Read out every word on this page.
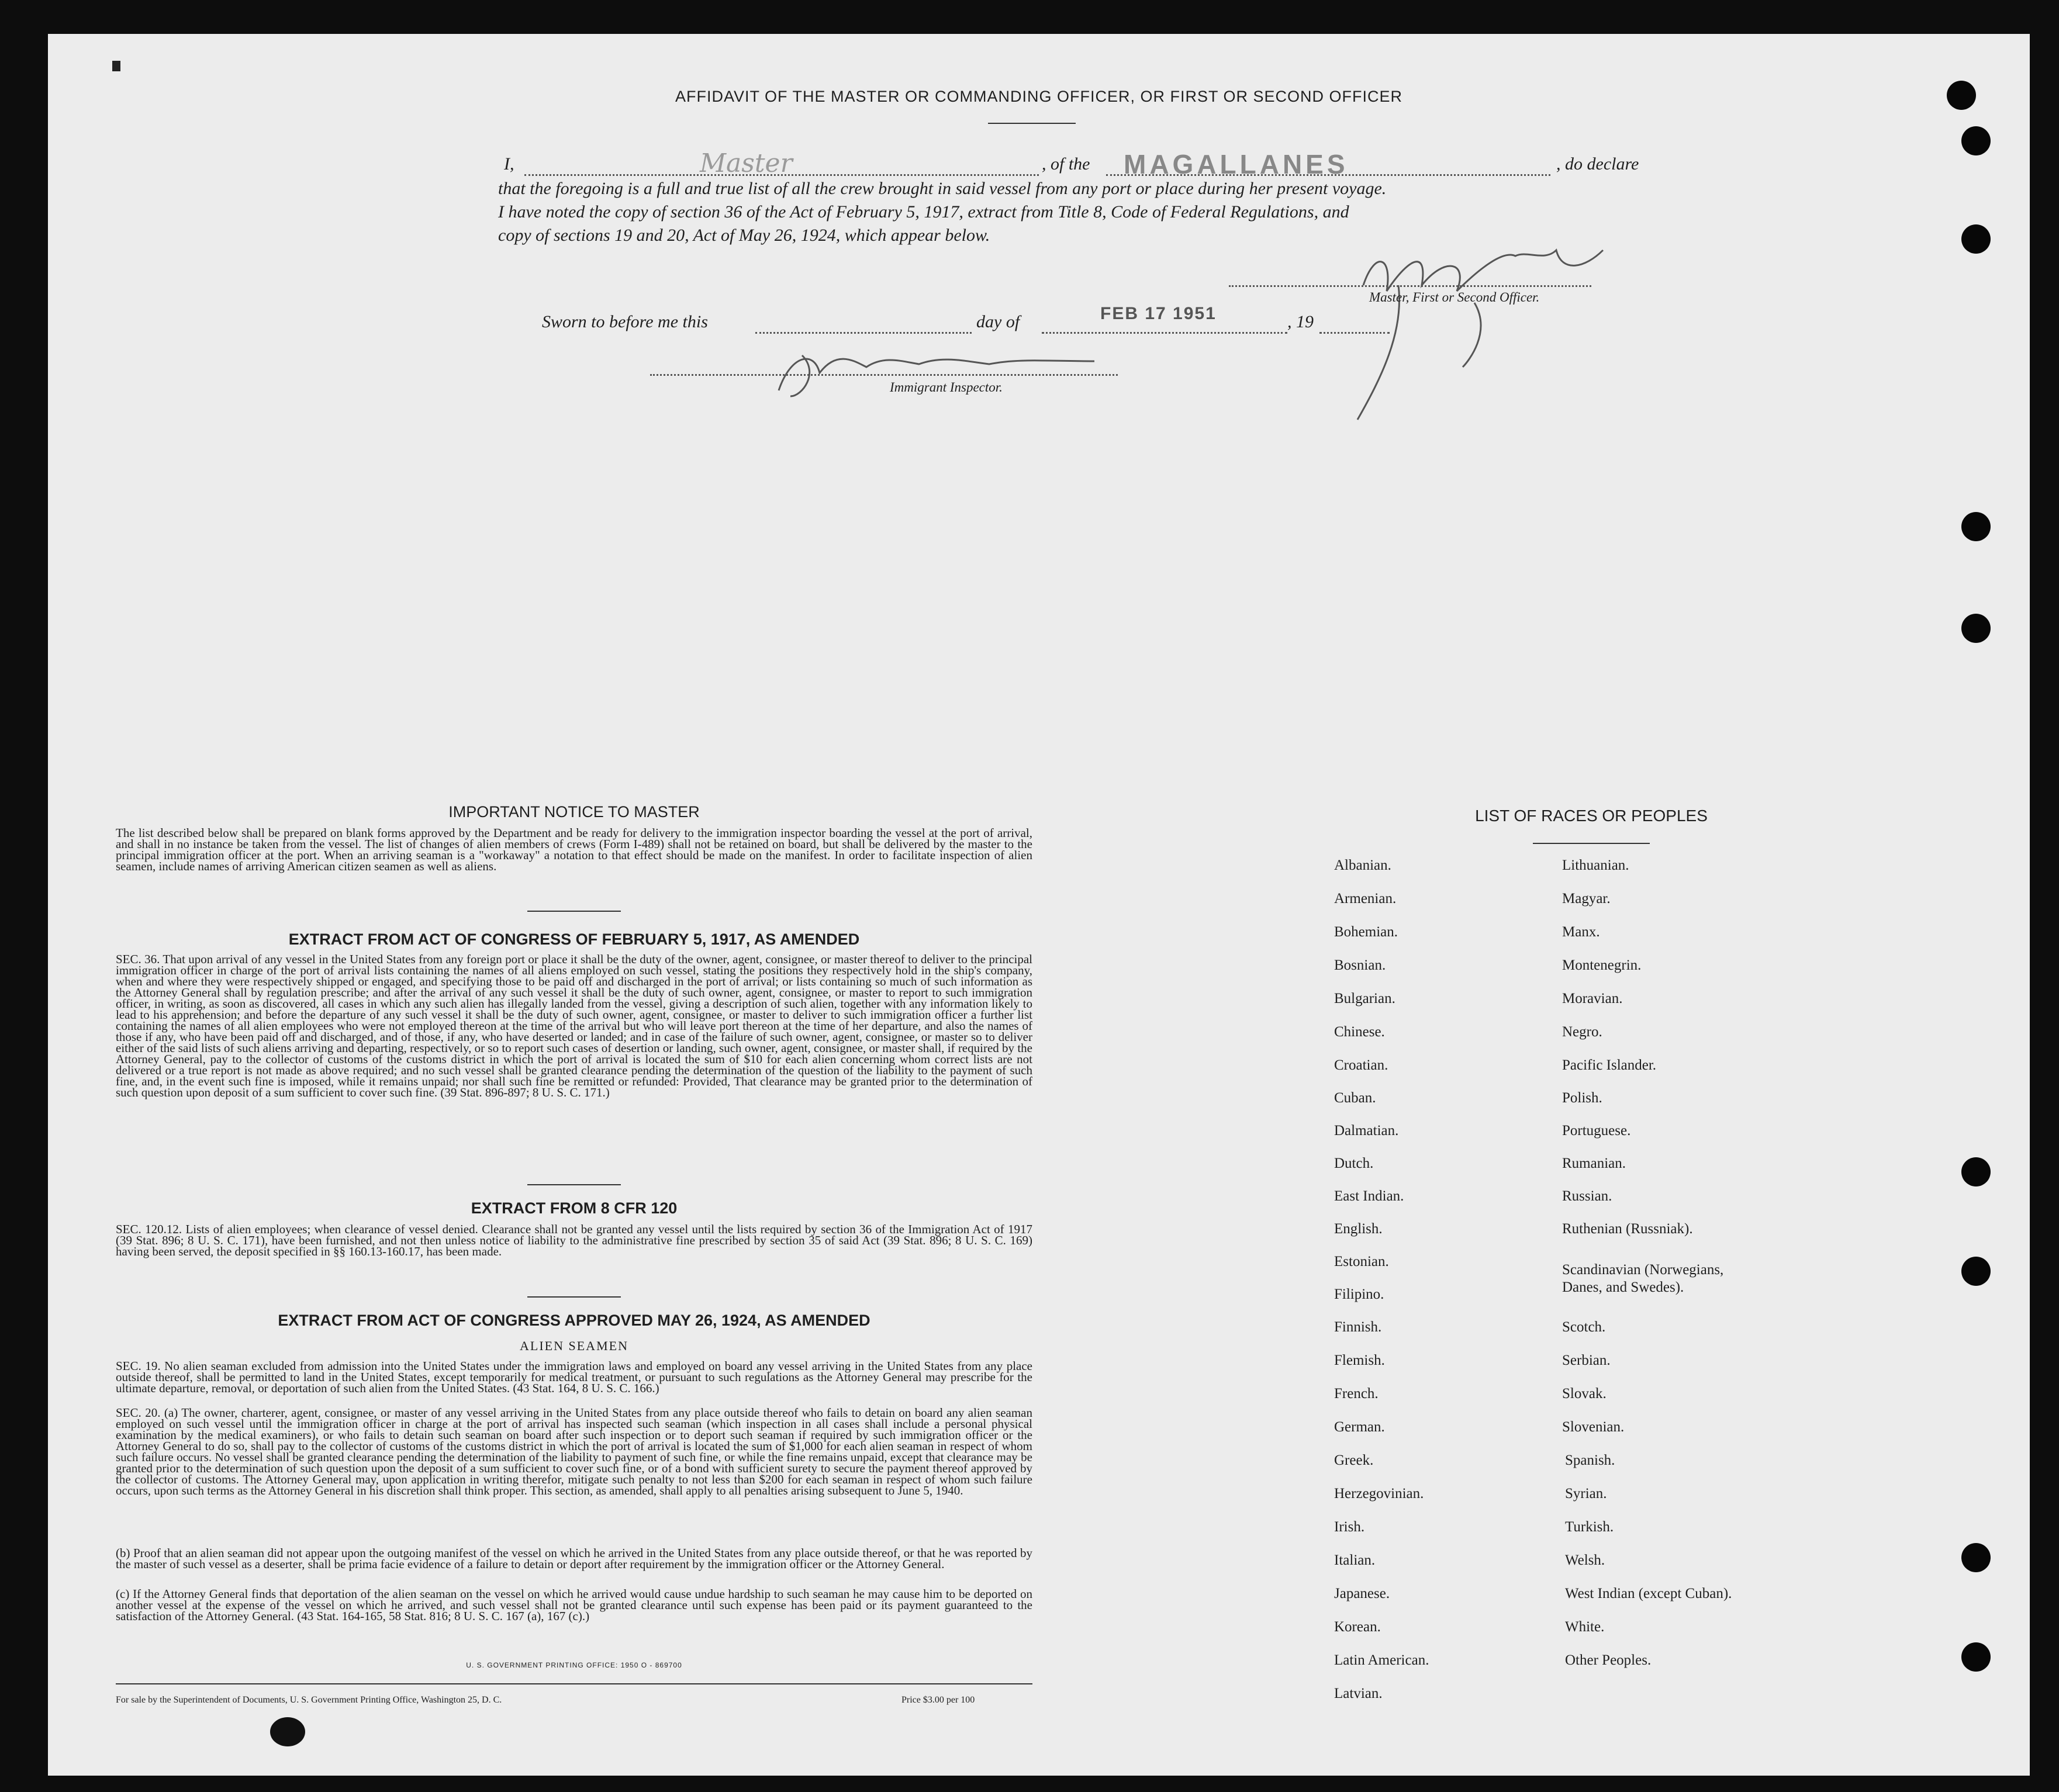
AFFIDAVIT OF THE MASTER OR COMMANDING OFFICER, OR FIRST OR SECOND OFFICER
I,	Master	, of the MAGALLANES	, do declare
that the foregoing is a full and true list of all the crew brought in said vessel from any port or place during her present voyage.
I have noted the copy of section 36 of the Act of February 5, 1917, extract from Title 8, Code of Federal Regulations, and
copy of sections 19 and 20, Act of May 26, 1924, which appear below.
Master, First or Second Officer.
Sworn to before me this	day of	FEB 17 1951	, 19
Immigrant Inspector.
IMPORTANT NOTICE TO MASTER
The list described below shall be prepared on blank forms approved by the Department and be ready for delivery to the immigration inspector boarding the vessel at the port of arrival, and shall in no instance be taken from the vessel. The list of changes of alien members of crews (Form I-489) shall not be retained on board, but shall be delivered by the master to the principal immigration officer at the port. When an arriving seaman is a "workaway" a notation to that effect should be made on the manifest. In order to facilitate inspection of alien seamen, include names of arriving American citizen seamen as well as aliens.
EXTRACT FROM ACT OF CONGRESS OF FEBRUARY 5, 1917, AS AMENDED
SEC. 36. That upon arrival of any vessel in the United States from any foreign port or place it shall be the duty of the owner, agent, consignee, or master thereof to deliver to the principal immigration officer in charge of the port of arrival lists containing the names of all aliens employed on such vessel, stating the positions they respectively hold in the ship's company, when and where they were respectively shipped or engaged, and specifying those to be paid off and discharged in the port of arrival; or lists containing so much of such information as the Attorney General shall by regulation prescribe; and after the arrival of any such vessel it shall be the duty of such owner, agent, consignee, or master to report to such immigration officer, in writing, as soon as discovered, all cases in which any such alien has illegally landed from the vessel, giving a description of such alien, together with any information likely to lead to his apprehension; and before the departure of any such vessel it shall be the duty of such owner, agent, consignee, or master to deliver to such immigration officer a further list containing the names of all alien employees who were not employed thereon at the time of the arrival but who will leave port thereon at the time of her departure, and also the names of those if any, who have been paid off and discharged, and of those, if any, who have deserted or landed; and in case of the failure of such owner, agent, consignee, or master so to deliver either of the said lists of such aliens arriving and departing, respectively, or so to report such cases of desertion or landing, such owner, agent, consignee, or master shall, if required by the Attorney General, pay to the collector of customs of the customs district in which the port of arrival is located the sum of $10 for each alien concerning whom correct lists are not delivered or a true report is not made as above required; and no such vessel shall be granted clearance pending the determination of the question of the liability to the payment of such fine, and, in the event such fine is imposed, while it remains unpaid; nor shall such fine be remitted or refunded: Provided, That clearance may be granted prior to the determination of such question upon deposit of a sum sufficient to cover such fine. (39 Stat. 896-897; 8 U. S. C. 171.)
EXTRACT FROM 8 CFR 120
SEC. 120.12. Lists of alien employees; when clearance of vessel denied. Clearance shall not be granted any vessel until the lists required by section 36 of the Immigration Act of 1917 (39 Stat. 896; 8 U. S. C. 171), have been furnished, and not then unless notice of liability to the administrative fine prescribed by section 35 of said Act (39 Stat. 896; 8 U. S. C. 169) having been served, the deposit specified in §§ 160.13-160.17, has been made.
EXTRACT FROM ACT OF CONGRESS APPROVED MAY 26, 1924, AS AMENDED
ALIEN SEAMEN
SEC. 19. No alien seaman excluded from admission into the United States under the immigration laws and employed on board any vessel arriving in the United States from any place outside thereof, shall be permitted to land in the United States, except temporarily for medical treatment, or pursuant to such regulations as the Attorney General may prescribe for the ultimate departure, removal, or deportation of such alien from the United States. (43 Stat. 164, 8 U. S. C. 166.)
SEC. 20. (a) The owner, charterer, agent, consignee, or master of any vessel arriving in the United States from any place outside thereof who fails to detain on board any alien seaman employed on such vessel until the immigration officer in charge at the port of arrival has inspected such seaman (which inspection in all cases shall include a personal physical examination by the medical examiners), or who fails to detain such seaman on board after such inspection or to deport such seaman if required by such immigration officer or the Attorney General to do so, shall pay to the collector of customs of the customs district in which the port of arrival is located the sum of $1,000 for each alien seaman in respect of whom such failure occurs. No vessel shall be granted clearance pending the determination of the liability to payment of such fine, or while the fine remains unpaid, except that clearance may be granted prior to the determination of such question upon the deposit of a sum sufficient to cover such fine, or of a bond with sufficient surety to secure the payment thereof approved by the collector of customs. The Attorney General may, upon application in writing therefor, mitigate such penalty to not less than $200 for each seaman in respect of whom such failure occurs, upon such terms as the Attorney General in his discretion shall think proper. This section, as amended, shall apply to all penalties arising subsequent to June 5, 1940.
(b) Proof that an alien seaman did not appear upon the outgoing manifest of the vessel on which he arrived in the United States from any place outside thereof, or that he was reported by the master of such vessel as a deserter, shall be prima facie evidence of a failure to detain or deport after requirement by the immigration officer or the Attorney General.
(c) If the Attorney General finds that deportation of the alien seaman on the vessel on which he arrived would cause undue hardship to such seaman he may cause him to be deported on another vessel at the expense of the vessel on which he arrived, and such vessel shall not be granted clearance until such expense has been paid or its payment guaranteed to the satisfaction of the Attorney General. (43 Stat. 164-165, 58 Stat. 816; 8 U. S. C. 167 (a), 167 (c).)
U. S. GOVERNMENT PRINTING OFFICE: 1950 O - 869700
For sale by the Superintendent of Documents, U. S. Government Printing Office, Washington 25, D. C.	Price $3.00 per 100
LIST OF RACES OR PEOPLES
Albanian.
Armenian.
Bohemian.
Bosnian.
Bulgarian.
Chinese.
Croatian.
Cuban.
Dalmatian.
Dutch.
East Indian.
English.
Estonian.
Filipino.
Finnish.
Flemish.
French.
German.
Greek.
Herzegovinian.
Irish.
Italian.
Japanese.
Korean.
Latin American.
Latvian.
Lithuanian.
Magyar.
Manx.
Montenegrin.
Moravian.
Negro.
Pacific Islander.
Polish.
Portuguese.
Rumanian.
Russian.
Ruthenian (Russniak).
Scandinavian (Norwegians,
Danes, and Swedes).
Scotch.
Serbian.
Slovak.
Slovenian.
Spanish.
Syrian.
Turkish.
Welsh.
West Indian (except Cuban).
White.
Other Peoples.
